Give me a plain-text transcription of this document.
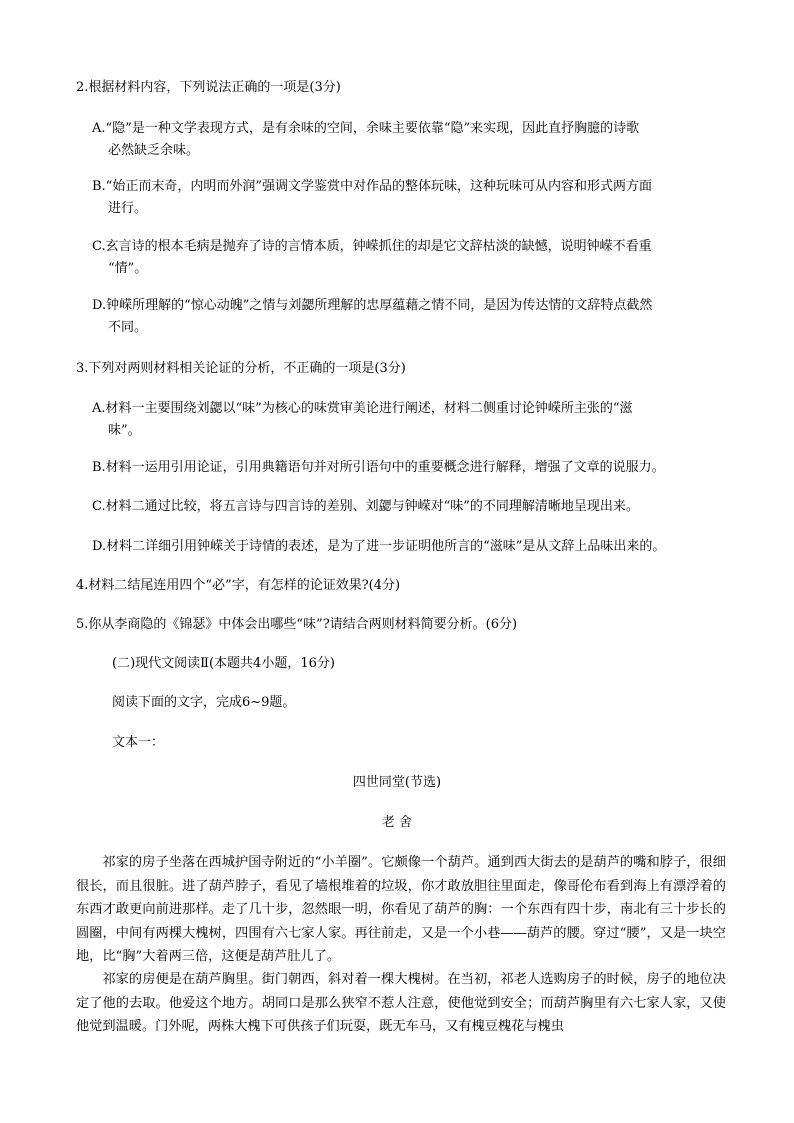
2.根据材料内容，下列说法正确的一项是(3分)
A.“隐”是一种文学表现方式，是有余味的空间，余味主要依靠“隐”来实现，因此直抒胸臆的诗歌
必然缺乏余味。
B.“始正而末奇，内明而外润”强调文学鉴赏中对作品的整体玩味，这种玩味可从内容和形式两方面
进行。
C.玄言诗的根本毛病是抛弃了诗的言情本质，钟嵘抓住的却是它文辞枯淡的缺憾，说明钟嵘不看重
“情”。
D.钟嵘所理解的“惊心动魄”之情与刘勰所理解的忠厚蕴藉之情不同，是因为传达情的文辞特点截然
不同。
3.下列对两则材料相关论证的分析，不正确的一项是(3分)
A.材料一主要围绕刘勰以“味”为核心的味赏审美论进行阐述，材料二侧重讨论钟嵘所主张的“滋
味”。
B.材料一运用引用论证，引用典籍语句并对所引语句中的重要概念进行解释，增强了文章的说服力。
C.材料二通过比较，将五言诗与四言诗的差别、刘勰与钟嵘对“味”的不同理解清晰地呈现出来。
D.材料二详细引用钟嵘关于诗情的表述，是为了进一步证明他所言的“滋味”是从文辞上品味出来的。
4.材料二结尾连用四个“必”字，有怎样的论证效果?(4分)
5.你从李商隐的《锦瑟》中体会出哪些“味”?请结合两则材料简要分析。(6分)
(二)现代文阅读Ⅱ(本题共4小题，16分)
阅读下面的文字，完成6~9题。
文本一：
四世同堂(节选)
老 舍
祁家的房子坐落在西城护国寺附近的“小羊圈”。它颇像一个葫芦。通到西大街去的是葫芦的嘴和脖子，很细很长，而且很脏。进了葫芦脖子，看见了墙根堆着的垃圾，你才敢放胆往里面走，像哥伦布看到海上有漂浮着的东西才敢更向前进那样。走了几十步，忽然眼一明，你看见了葫芦的胸：一个东西有四十步，南北有三十步长的圆圈，中间有两棵大槐树，四围有六七家人家。再往前走，又是一个小巷——葫芦的腰。穿过“腰”，又是一块空地，比“胸”大着两三倍，这便是葫芦肚儿了。
祁家的房便是在葫芦胸里。街门朝西，斜对着一棵大槐树。在当初，祁老人选购房子的时候，房子的地位决定了他的去取。他爱这个地方。胡同口是那么狭窄不惹人注意，使他觉到安全；而葫芦胸里有六七家人家，又使他觉到温暖。门外呢，两株大槐下可供孩子们玩耍，既无车马，又有槐豆槐花与槐虫
